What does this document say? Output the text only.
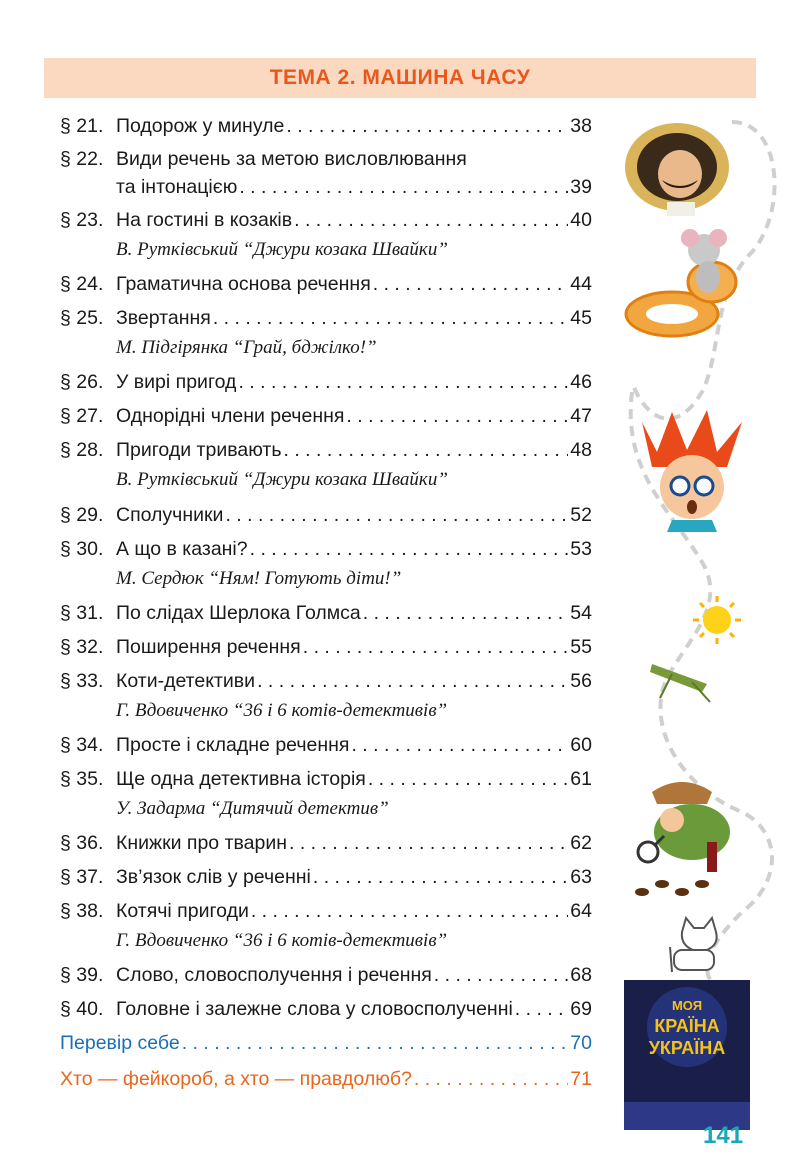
ТЕМА 2. МАШИНА ЧАСУ
§ 21. Подорож у минуле . . .	38
§ 22. Види речень за метою висловлювання
та інтонацією . . .	39
§ 23. На гостині в козаків . . .	40
В. Рутківський “Джури козака Швайки”
§ 24. Граматична основа речення . . .	44
§ 25. Звертання . . .	45
М. Підгірянка “Грай, бджілко!”
§ 26. У вирі пригод . . .	46
§ 27. Однорідні члени речення . . .	47
§ 28. Пригоди тривають . . .	48
В. Рутківський “Джури козака Швайки”
§ 29. Сполучники . . .	52
§ 30. А що в казані? . . .	53
М. Сердюк “Ням! Готують діти!”
§ 31. По слідах Шерлока Голмса . . .	54
§ 32. Поширення речення . . .	55
§ 33. Коти-детективи . . .	56
Г. Вдовиченко “36 і 6 котів-детективів”
§ 34. Просте і складне речення . . .	60
§ 35. Ще одна детективна історія . . .	61
У. Задарма “Дитячий детектив”
§ 36. Книжки про тварин . . .	62
§ 37. Зв’язок слів у реченні . . .	63
§ 38. Котячі пригоди . . .	64
Г. Вдовиченко “36 і 6 котів-детективів”
§ 39. Слово, словосполучення і речення . . .	68
§ 40. Головне і залежне слова у словосполученні . . .	69
Перевір себе . . .	70
Хто — фейкороб, а хто — правдолюб? . . .	71
МОЯ
КРАЇНА
УКРАЇНА
141
